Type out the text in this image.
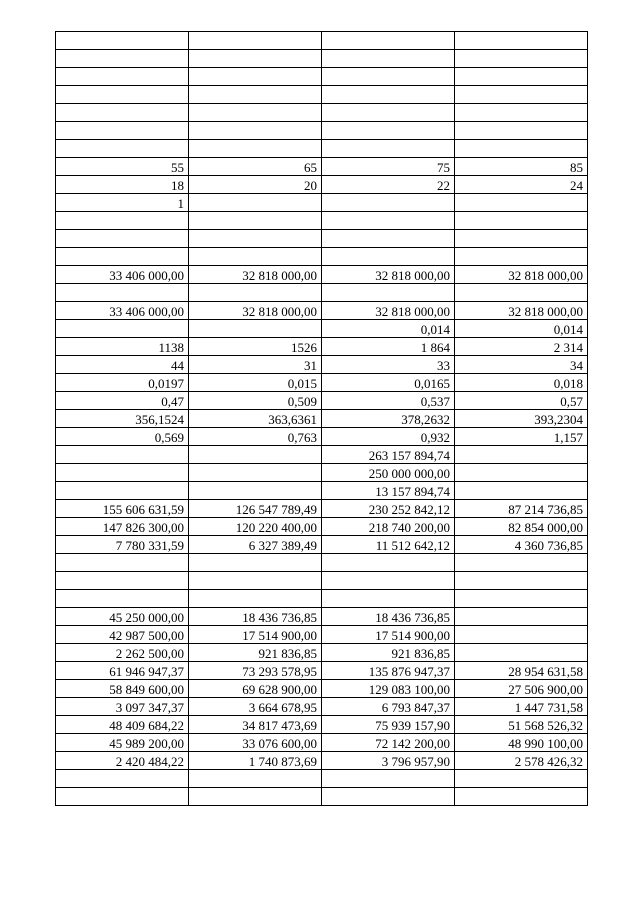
55	65	75	85
18	20	22	24
1			

33 406 000,00	32 818 000,00	32 818 000,00	32 818 000,00

33 406 000,00	32 818 000,00	32 818 000,00	32 818 000,00
		0,014	0,014
1138	1526	1 864	2 314
44	31	33	34
0,0197	0,015	0,0165	0,018
0,47	0,509	0,537	0,57
356,1524	363,6361	378,2632	393,2304
0,569	0,763	0,932	1,157
		263 157 894,74	
		250 000 000,00	
		13 157 894,74	
155 606 631,59	126 547 789,49	230 252 842,12	87 214 736,85
147 826 300,00	120 220 400,00	218 740 200,00	82 854 000,00
7 780 331,59	6 327 389,49	11 512 642,12	4 360 736,85

45 250 000,00	18 436 736,85	18 436 736,85	
42 987 500,00	17 514 900,00	17 514 900,00	
2 262 500,00	921 836,85	921 836,85	
61 946 947,37	73 293 578,95	135 876 947,37	28 954 631,58
58 849 600,00	69 628 900,00	129 083 100,00	27 506 900,00
3 097 347,37	3 664 678,95	6 793 847,37	1 447 731,58
48 409 684,22	34 817 473,69	75 939 157,90	51 568 526,32
45 989 200,00	33 076 600,00	72 142 200,00	48 990 100,00
2 420 484,22	1 740 873,69	3 796 957,90	2 578 426,32
